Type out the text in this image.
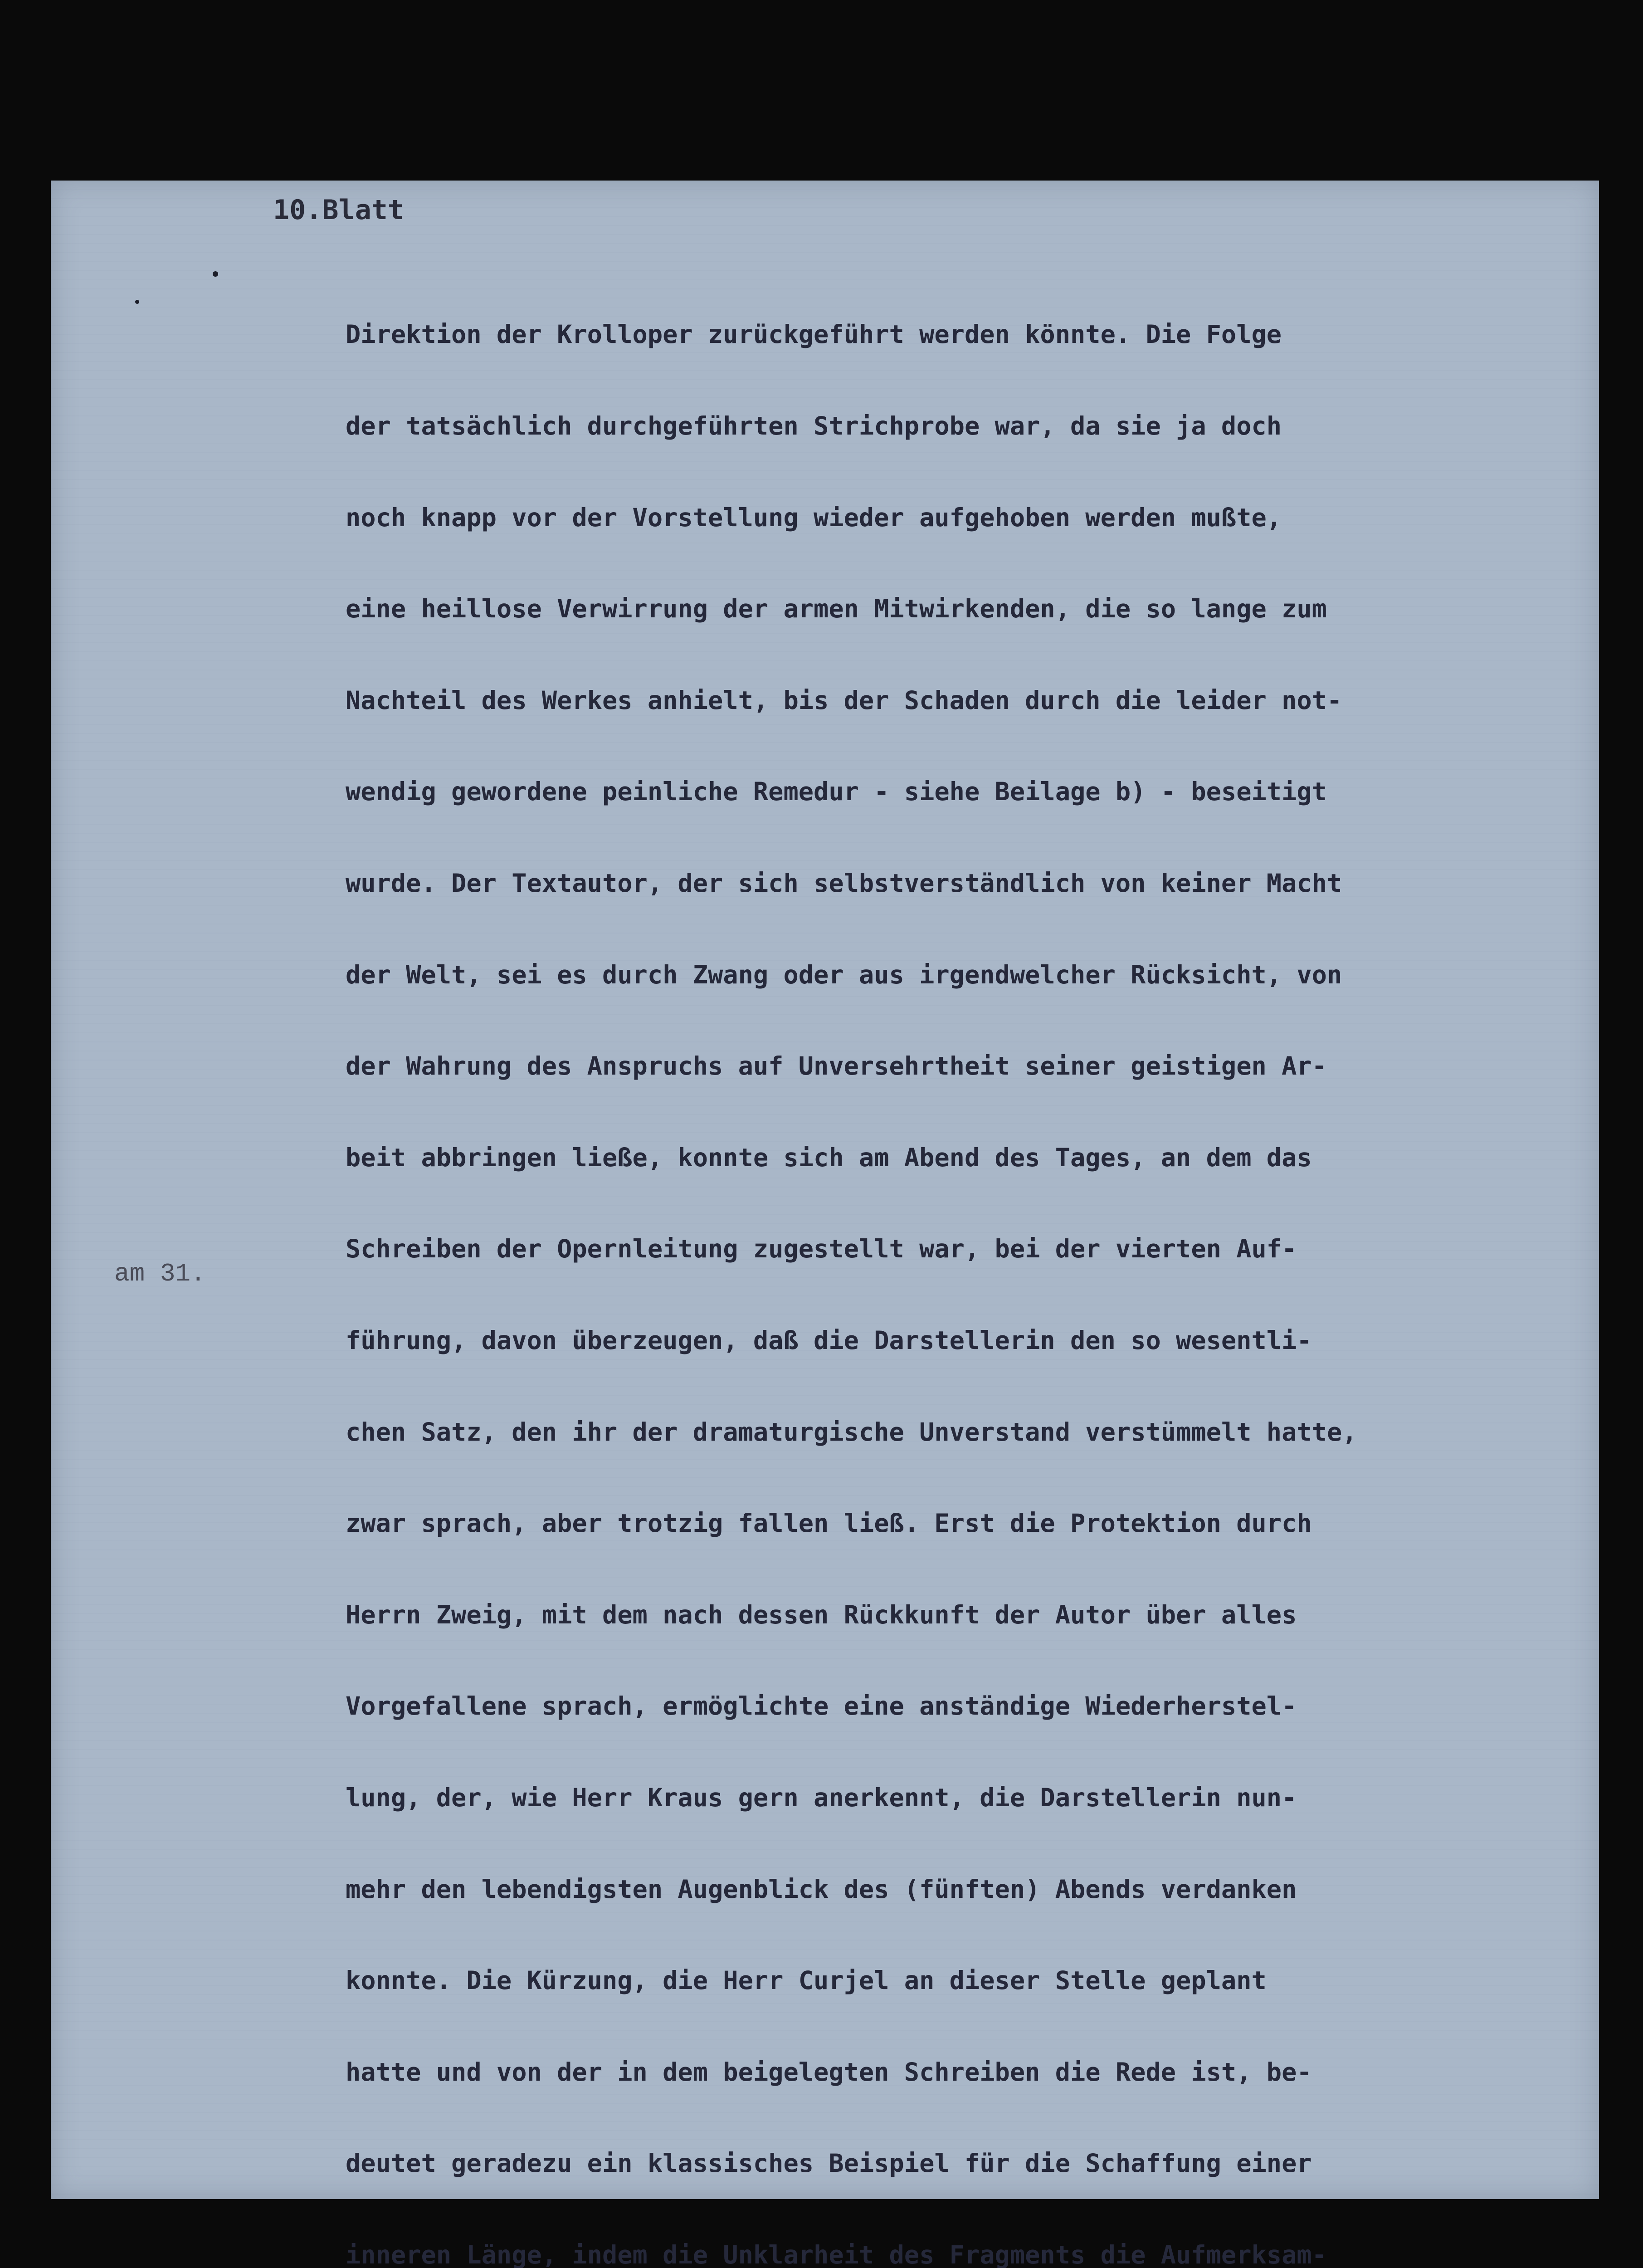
10.Blatt

am 31.

Direktion der Krolloper zurückgeführt werden könnte. Die Folge

der tatsächlich durchgeführten Strichprobe war, da sie ja doch

noch knapp vor der Vorstellung wieder aufgehoben werden mußte,

eine heillose Verwirrung der armen Mitwirkenden, die so lange zum

Nachteil des Werkes anhielt, bis der Schaden durch die leider not-

wendig gewordene peinliche Remedur - siehe Beilage b) - beseitigt

wurde. Der Textautor, der sich selbstverständlich von keiner Macht

der Welt, sei es durch Zwang oder aus irgendwelcher Rücksicht, von

der Wahrung des Anspruchs auf Unversehrtheit seiner geistigen Ar-

beit abbringen ließe, konnte sich am Abend des Tages, an dem das

Schreiben der Opernleitung zugestellt war, bei der vierten Auf-

führung, davon überzeugen, daß die Darstellerin den so wesentli-

chen Satz, den ihr der dramaturgische Unverstand verstümmelt hatte,

zwar sprach, aber trotzig fallen ließ. Erst die Protektion durch

Herrn Zweig, mit dem nach dessen Rückkunft der Autor über alles

Vorgefallene sprach, ermöglichte eine anständige Wiederherstel-

lung, der, wie Herr Kraus gern anerkennt, die Darstellerin nun-

mehr den lebendigsten Augenblick des (fünften) Abends verdanken

konnte. Die Kürzung, die Herr Curjel an dieser Stelle geplant

hatte und von der in dem beigelegten Schreiben die Rede ist, be-

deutet geradezu ein klassisches Beispiel für die Schaffung einer

inneren Länge, indem die Unklarheit des Fragments die Aufmerksam-
